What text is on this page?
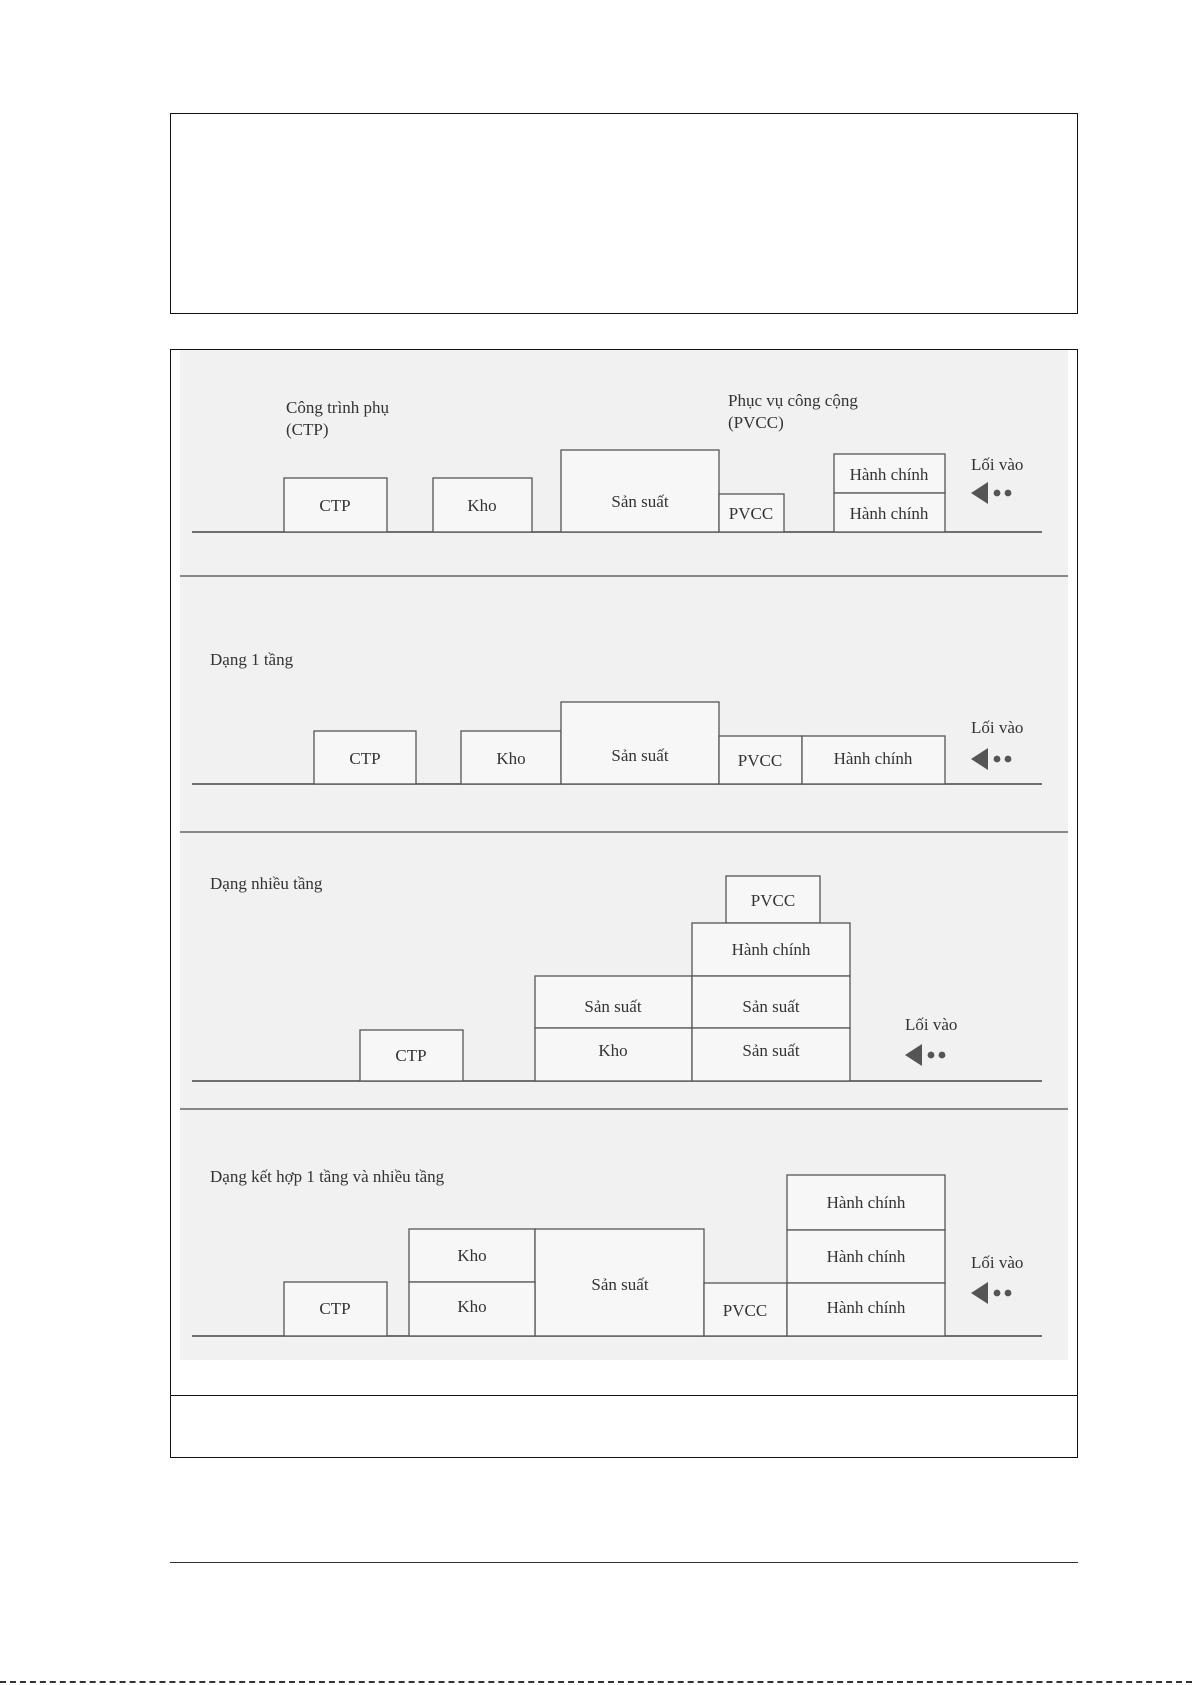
Công trình phụ
(CTP)
Phục vụ công cộng
(PVCC)
CTP	Kho	Sản suất
PVCC
Hành chính
Hành chính
Lối vào
Dạng 1 tầng
CTP	Kho	Sản suất	PVCC	Hành chính
Lối vào
Dạng nhiều tầng
PVCC
Hành chính
Sản suất	Sản suất
Kho	Sản suất
CTP
Lối vào
Dạng kết hợp 1 tầng và nhiều tầng
Hành chính
Kho	Hành chính
Sản suất
CTP	Kho	PVCC	Hành chính
Lối vào
